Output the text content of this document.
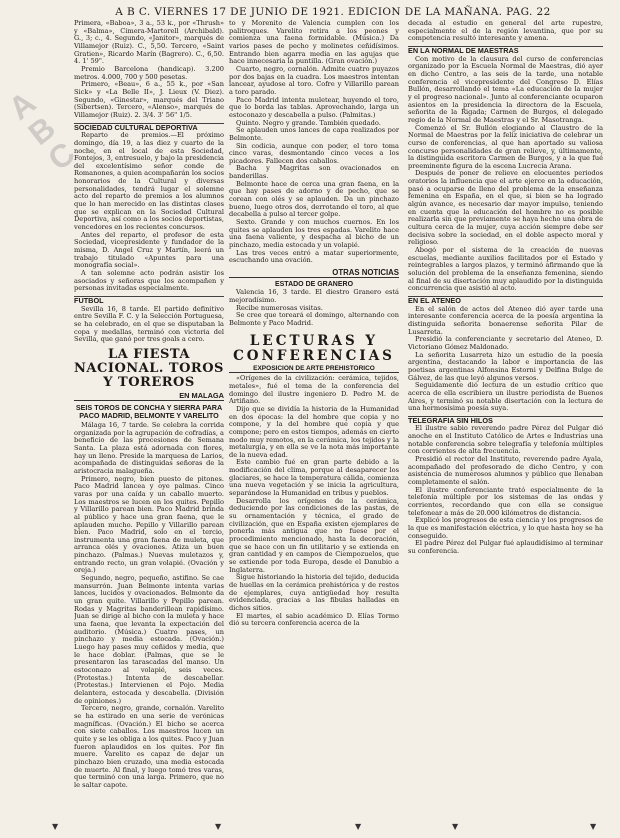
A B C. VIERNES 17 DE JUNIO DE 1921. EDICION DE LA MAÑANA. PAG. 22
A
B
C

Primera, «Baboa», 3 a., 53 k., por «Thrush» y «Balma», Cimera-Martorell (Archibald). G., 3; c., 4. Segundo, «Janitor», marqués de Villamejor (Ruiz). C., 5,50. Tercero, «Saint Gratien», Ricardo Marín (Bagrero). C., 6,50. 4. 1' 59".

Premio Barcelona (handicap). 3.200 metros. 4.000, 700 y 500 pesetas.

Primero, «Beau», 6 a., 55 k., por «San Sick» y «La Belle II», J. Lieux (V. Diez). Segundo, «Ginestar», marqués del Triano (Sibertsen). Tercero, «Alenso», marqués de Villamejor (Ruiz). 2. 3/4. 3' 56" 1/5.

SOCIEDAD CULTURAL DEPORTIVA

Reparto de premios.—El próximo domingo, día 19, a las diez y cuarto de la noche, en el local de esta Sociedad, Fontejos, 3, entresuelo, y bajo la presidencia del excelentísimo señor conde de Romanones, a quien acompañarán los socios honorarios de la Cultural y diversas personalidades, tendrá lugar el solemne acto del reparto de premios a los alumnos que lo han merecido en las distintas clases que se explican en la Sociedad Cultural Deportiva, así como a los socios deportistas, vencedores en los recientes concursos.

Antes del reparto, el profesor de esta Sociedad, vicepresidente y fundador de la misma, D. Angel Cruz y Martín, leerá un trabajo titulado «Apuntes para una monografía social».

A tan solemne acto podrán asistir los asociados y señoras que los acompañen y personas invitadas especialmente.

FUTBOL

Sevilla 16, 8 tarde. El partido definitivo entre Sevilla F. C. y la Selección Portuguesa, se ha celebrado, en el que se disputaban la copa y medallas, terminó con victoria del Sevilla, que ganó por tres goals a cero.

LA FIESTA NACIONAL. TOROS Y TOREROS
EN MALAGA
SEIS TOROS DE CONCHA Y SIERRA PARA PACO MADRID, BELMONTE Y VARELITO

Málaga 16, 7 tarde. Se celebra la corrida organizada por la agrupación de cofradías, a beneficio de las procesiones de Semana Santa. La plaza está adornada con flores, hay un lleno. Preside la marquesa de Larios, acompañada de distinguidas señoras de la aristocracia malagueña.

Primero, negro, bien puesto de pitones. Paco Madrid lancea y oye palmas. Cinco varas por una caída y un caballo muerto. Los maestros se lucen en los quites. Pepillo y Villarillo parean bien. Paco Madrid brinda al público y hace una gran faena, que le aplauden mucho. Pepillo y Villarillo parean bien. Paco Madrid, solo en el tercio, instrumenta una gran faena de muleta, que arranca olés y ovaciones. Atiza un buen pinchazo. (Palmas.) Nuevas muletazos y, entrando recto, un gran volapié. (Ovación y oreja.)

Segundo, negro, pequeño, astifino. Se cae mansurrón. Juan Belmonte intenta varias lances, lucidos y ovacionados. Belmonte da un gran quite. Villarillo y Pepillo parean. Rodas y Magritas banderillean rapidísimo. Juan se dirige al bicho con la muleta y hace una faena, que levanta la expectación del auditorio. (Música.) Cuatro pases, un pinchazo y media estocada. (Ovación.) Luego hay pases muy ceñidos y media, que le hace doblar. (Palmas, que se le presentaron las tarascadas del manso. Un estoconazo al volapié, seis veces. (Protestas.) Intenta de descabellar. (Protestas.) Intervienen el Pojo. Media delantera, estocada y descabella. (División de opiniones.)

Tercero, negro, grande, cornalón. Varelito se ha estirado en una serie de verónicas magníficas. (Ovación.) El bicho se acerca con siete caballos. Los maestros lucen un quite y se les obliga a los quites. Paco y Juan fueron aplaudidos en los quites. Por fin muere. Varelito es capaz de dejar un pinchazo bien cruzado, una media estocada de muerte. Al final, y luego tomó tres varas, que terminó con una larga. Primero, que no le saltar capote.

to y Morenito de Valencia cumplen con los palitroques. Varelito retira a los peones y comienza una faena formidable. (Música.) Da varios pases de pecho y molinetes ceñidísimos. Entrando bien agarra media en las agujas que hace innecesaria la puntilla. (Gran ovación.)

Cuarto, negro, cornalón. Admite cuatro puyazos por dos bajas en la cuadra. Los maestros intentan lancear, ayudose al toro. Cofre y Villarillo parean a toro parado.

Paco Madrid intenta muletear, huyendo el toro, que lo borda las tablas. Aprovechando, larga un estoconazo y descabella a pulso. (Palmitas.)

Quinto. Negro y grande. También quedado.

Se aplauden unos lances de capa realizados por Belmonte.

Sin codicia, aunque con poder, el toro toma cinco varas, desmontando cinco veces a los picadores. Fallecen dos caballos.

Bacha y Magritas son ovacionados en banderillas.

Belmonte hace de cerca una gran faena, en la que hay pases de adorno y de pecho, que se corean con olés y se aplauden. Da un pinchazo bueno, luego otros dos, derrotando el toro, al que decabella a pulso al tercer golpe.

Sexto. Grande y con muchos cuernos. En los quites se aplauden los tres espadas. Varelito hace una faena valiente, y despacha al bicho de un pinchazo, media estocada y un volapié.

Las tres veces entró a matar superiormente, escuchando una ovación.

OTRAS NOTICIAS
ESTADO DE GRANERO

Valencia 16, 3 tarde. El diestro Granero está mejoradísimo.

Recibe numerosas visitas.

Se cree que toreará el domingo, alternando con Belmonte y Paco Madrid.

LECTURAS Y CONFERENCIAS
EXPOSICION DE ARTE PREHISTORICO

«Orígenes de la civilización: cerámica, tejidos, metales», fué el tema de la conferencia del domingo del ilustre ingeniero D. Pedro M. de Artiñano.

Dijo que se dividía la historia de la Humanidad en dos épocas: la del hombre que copia y no compone, y la del hombre que copia y que compone; pero en estos tiempos, además en cierto modo muy remotos, en la cerámica, los tejidos y la metalurgia, y en ella se ve la nota más importante de la nueva edad.

Este cambio fué en gran parte debido a la modificación del clima, porque al desaparecer los glaciares, se hace la temperatura cálida, comienza una nueva vegetación y se inicia la agricultura, separándose la Humanidad en tribus y pueblos.

Desarrolla los orígenes de la cerámica, deduciendo por las condiciones de las pastas, de su ornamentación y técnica, el grado de civilización, que en España existen ejemplares de ponerla más antigua que no fuese por el procedimiento mencionado, hasta la decoración, que se hace con un fin utilitario y se extienda en gran cantidad y en campos de Ciempozuelos, que se extiende por toda Europa, desde el Danubio a Inglaterra.

Sigue historiando la historia del tejido, deducida de huellas en la cerámica prehistórica y de restos de ejemplares, cuya antigüedad hoy resulta evidenciada, gracias a las fibulas halladas en dichos sitios.

El martes, el sabio académico D. Elías Tormo dió su tercera conferencia acerca de la

decada al estudio en general del arte rupestre, especialmente el de la región levantina, que por su competencia resultó interesante y amena.

EN LA NORMAL DE MAESTRAS

Con motivo de la clausura del curso de conferencias organizado por la Escuela Normal de Maestras, dió ayer en dicho Centro, a las seis de la tarde, una notable conferencia el vicepresidente del Congreso D. Elías Bullón, desarrollando el tema «La educación de la mujer y el progreso nacional». Junto al conferenciante ocuparon asientos en la presidencia la directora de la Escuela, señorita de la Rigada; Carmen de Burgos, el delegado regio de la Normal de Maestras y el Sr. Masotranga.

Comenzó el Sr. Bullón elogiando al Claustro de la Normal de Maestras por la feliz iniciativa de celebrar un curso de conferencias, al que han aportado su valiosa concurso personalidades de gran relieve, y, últimamente, la distinguida escritora Carmen de Burgos, y a la que fué preeminente figura de la escena Lucrecia Arana.

Después de poner de relieve en elocuentes periodos oratorios la influencia que el arte ejerce en la educación, pasó a ocuparse de lleno del problema de la enseñanza femenina en España, en el que, si bien se ha logrado algún avance, es necesario dar mayor impulso, teniendo en cuenta que la educación del hombre no es posible realizarla sin que previamente se haya hecho una obra de cultura cerca de la mujer, cuya acción siempre debe ser decisiva sobre la sociedad, en el doble aspecto moral y religioso.

Abogó por el sistema de la creación de nuevas escuelas, mediante auxilios facilitados por el Estado y reintegrables a largos plazos, y terminó afirmando que la solución del problema de la enseñanza femenina, siendo al final de su disertación muy aplaudido por la distinguida concurrencia que asistió al acto.

EN EL ATENEO

En el salón de actos del Ateneo dió ayer tarde una interesante conferencia acerca de la poesía argentina la distinguida señorita bonaerense señorita Pilar de Lusarreta.

Presidió la conferenciante y secretario del Ateneo, D. Victoriano Gómez Maldonado.

La señorita Lusarreta hizo un estudio de la poesía argentina, destacando la labor e importancia de las poetisas argentinas Alfonsina Estorni y Delfina Bulge de Gálvez, de las que leyó algunos versos.

Seguidamente dió lectura de un estudio crítico que acerca de ella escribiera un ilustre periodista de Buenos Aires, y terminó su notable disertación con la lectura de una hermosísima poesía suya.

TELEGRAFIA SIN HILOS

El ilustre sabio reverendo padre Pérez del Pulgar dió anoche en el Instituto Católico de Artes e Industrias una notable conferencia sobre telegrafía y telefonía múltiples con corrientes de alta frecuencia.

Presidió el rector del Instituto, reverendo padre Ayala, acompañado del profesorado de dicho Centro, y con asistencia de numerosos alumnos y público que llenaban completamente el salón.

El ilustre conferenciante trató especialmente de la telefonía múltiple por los sistemas de las ondas y corrientes, recordando que con ella se consigue telefonear a más de 20.000 kilómetros de distancia.

Explicó los progresos de esta ciencia y los progresos de la que es manifestación eléctrica, y lo que hasta hoy se ha conseguido.

El padre Pérez del Pulgar fué aplaudidísimo al terminar su conferencia.

▼	▼	▼	▼	▼
